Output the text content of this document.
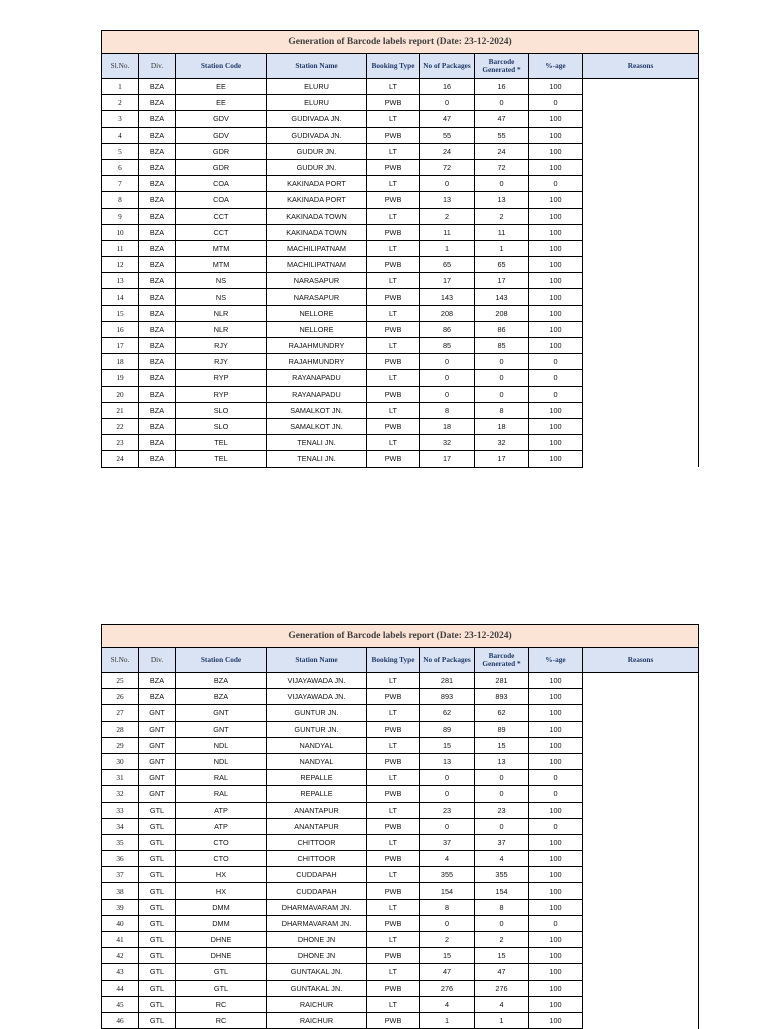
Generation of Barcode labels report (Date: 23-12-2024)								
Sl.No.	Div.	Station Code	Station Name	Booking Type	No of Packages	Barcode Generated *	%-age	Reasons
1	BZA	EE	ELURU	LT	16	16	100	
2	BZA	EE	ELURU	PWB	0	0	0	
3	BZA	GDV	GUDIVADA JN.	LT	47	47	100	
4	BZA	GDV	GUDIVADA JN.	PWB	55	55	100	
5	BZA	GDR	GUDUR JN.	LT	24	24	100	
6	BZA	GDR	GUDUR JN.	PWB	72	72	100	
7	BZA	COA	KAKINADA PORT	LT	0	0	0	
8	BZA	COA	KAKINADA PORT	PWB	13	13	100	
9	BZA	CCT	KAKINADA TOWN	LT	2	2	100	
10	BZA	CCT	KAKINADA TOWN	PWB	11	11	100	
11	BZA	MTM	MACHILIPATNAM	LT	1	1	100	
12	BZA	MTM	MACHILIPATNAM	PWB	65	65	100	
13	BZA	NS	NARASAPUR	LT	17	17	100	
14	BZA	NS	NARASAPUR	PWB	143	143	100	
15	BZA	NLR	NELLORE	LT	208	208	100	
16	BZA	NLR	NELLORE	PWB	86	86	100	
17	BZA	RJY	RAJAHMUNDRY	LT	85	85	100	
18	BZA	RJY	RAJAHMUNDRY	PWB	0	0	0	
19	BZA	RYP	RAYANAPADU	LT	0	0	0	
20	BZA	RYP	RAYANAPADU	PWB	0	0	0	
21	BZA	SLO	SAMALKOT JN.	LT	8	8	100	
22	BZA	SLO	SAMALKOT JN.	PWB	18	18	100	
23	BZA	TEL	TENALI JN.	LT	32	32	100	
24	BZA	TEL	TENALI JN.	PWB	17	17	100	
Generation of Barcode labels report (Date: 23-12-2024)								
Sl.No.	Div.	Station Code	Station Name	Booking Type	No of Packages	Barcode Generated *	%-age	Reasons
25	BZA	BZA	VIJAYAWADA JN.	LT	281	281	100	
26	BZA	BZA	VIJAYAWADA JN.	PWB	893	893	100	
27	GNT	GNT	GUNTUR JN.	LT	62	62	100	
28	GNT	GNT	GUNTUR JN.	PWB	89	89	100	
29	GNT	NDL	NANDYAL	LT	15	15	100	
30	GNT	NDL	NANDYAL	PWB	13	13	100	
31	GNT	RAL	REPALLE	LT	0	0	0	
32	GNT	RAL	REPALLE	PWB	0	0	0	
33	GTL	ATP	ANANTAPUR	LT	23	23	100	
34	GTL	ATP	ANANTAPUR	PWB	0	0	0	
35	GTL	CTO	CHITTOOR	LT	37	37	100	
36	GTL	CTO	CHITTOOR	PWB	4	4	100	
37	GTL	HX	CUDDAPAH	LT	355	355	100	
38	GTL	HX	CUDDAPAH	PWB	154	154	100	
39	GTL	DMM	DHARMAVARAM JN.	LT	8	8	100	
40	GTL	DMM	DHARMAVARAM JN.	PWB	0	0	0	
41	GTL	DHNE	DHONE JN	LT	2	2	100	
42	GTL	DHNE	DHONE JN	PWB	15	15	100	
43	GTL	GTL	GUNTAKAL JN.	LT	47	47	100	
44	GTL	GTL	GUNTAKAL JN.	PWB	276	276	100	
45	GTL	RC	RAICHUR	LT	4	4	100	
46	GTL	RC	RAICHUR	PWB	1	1	100	
